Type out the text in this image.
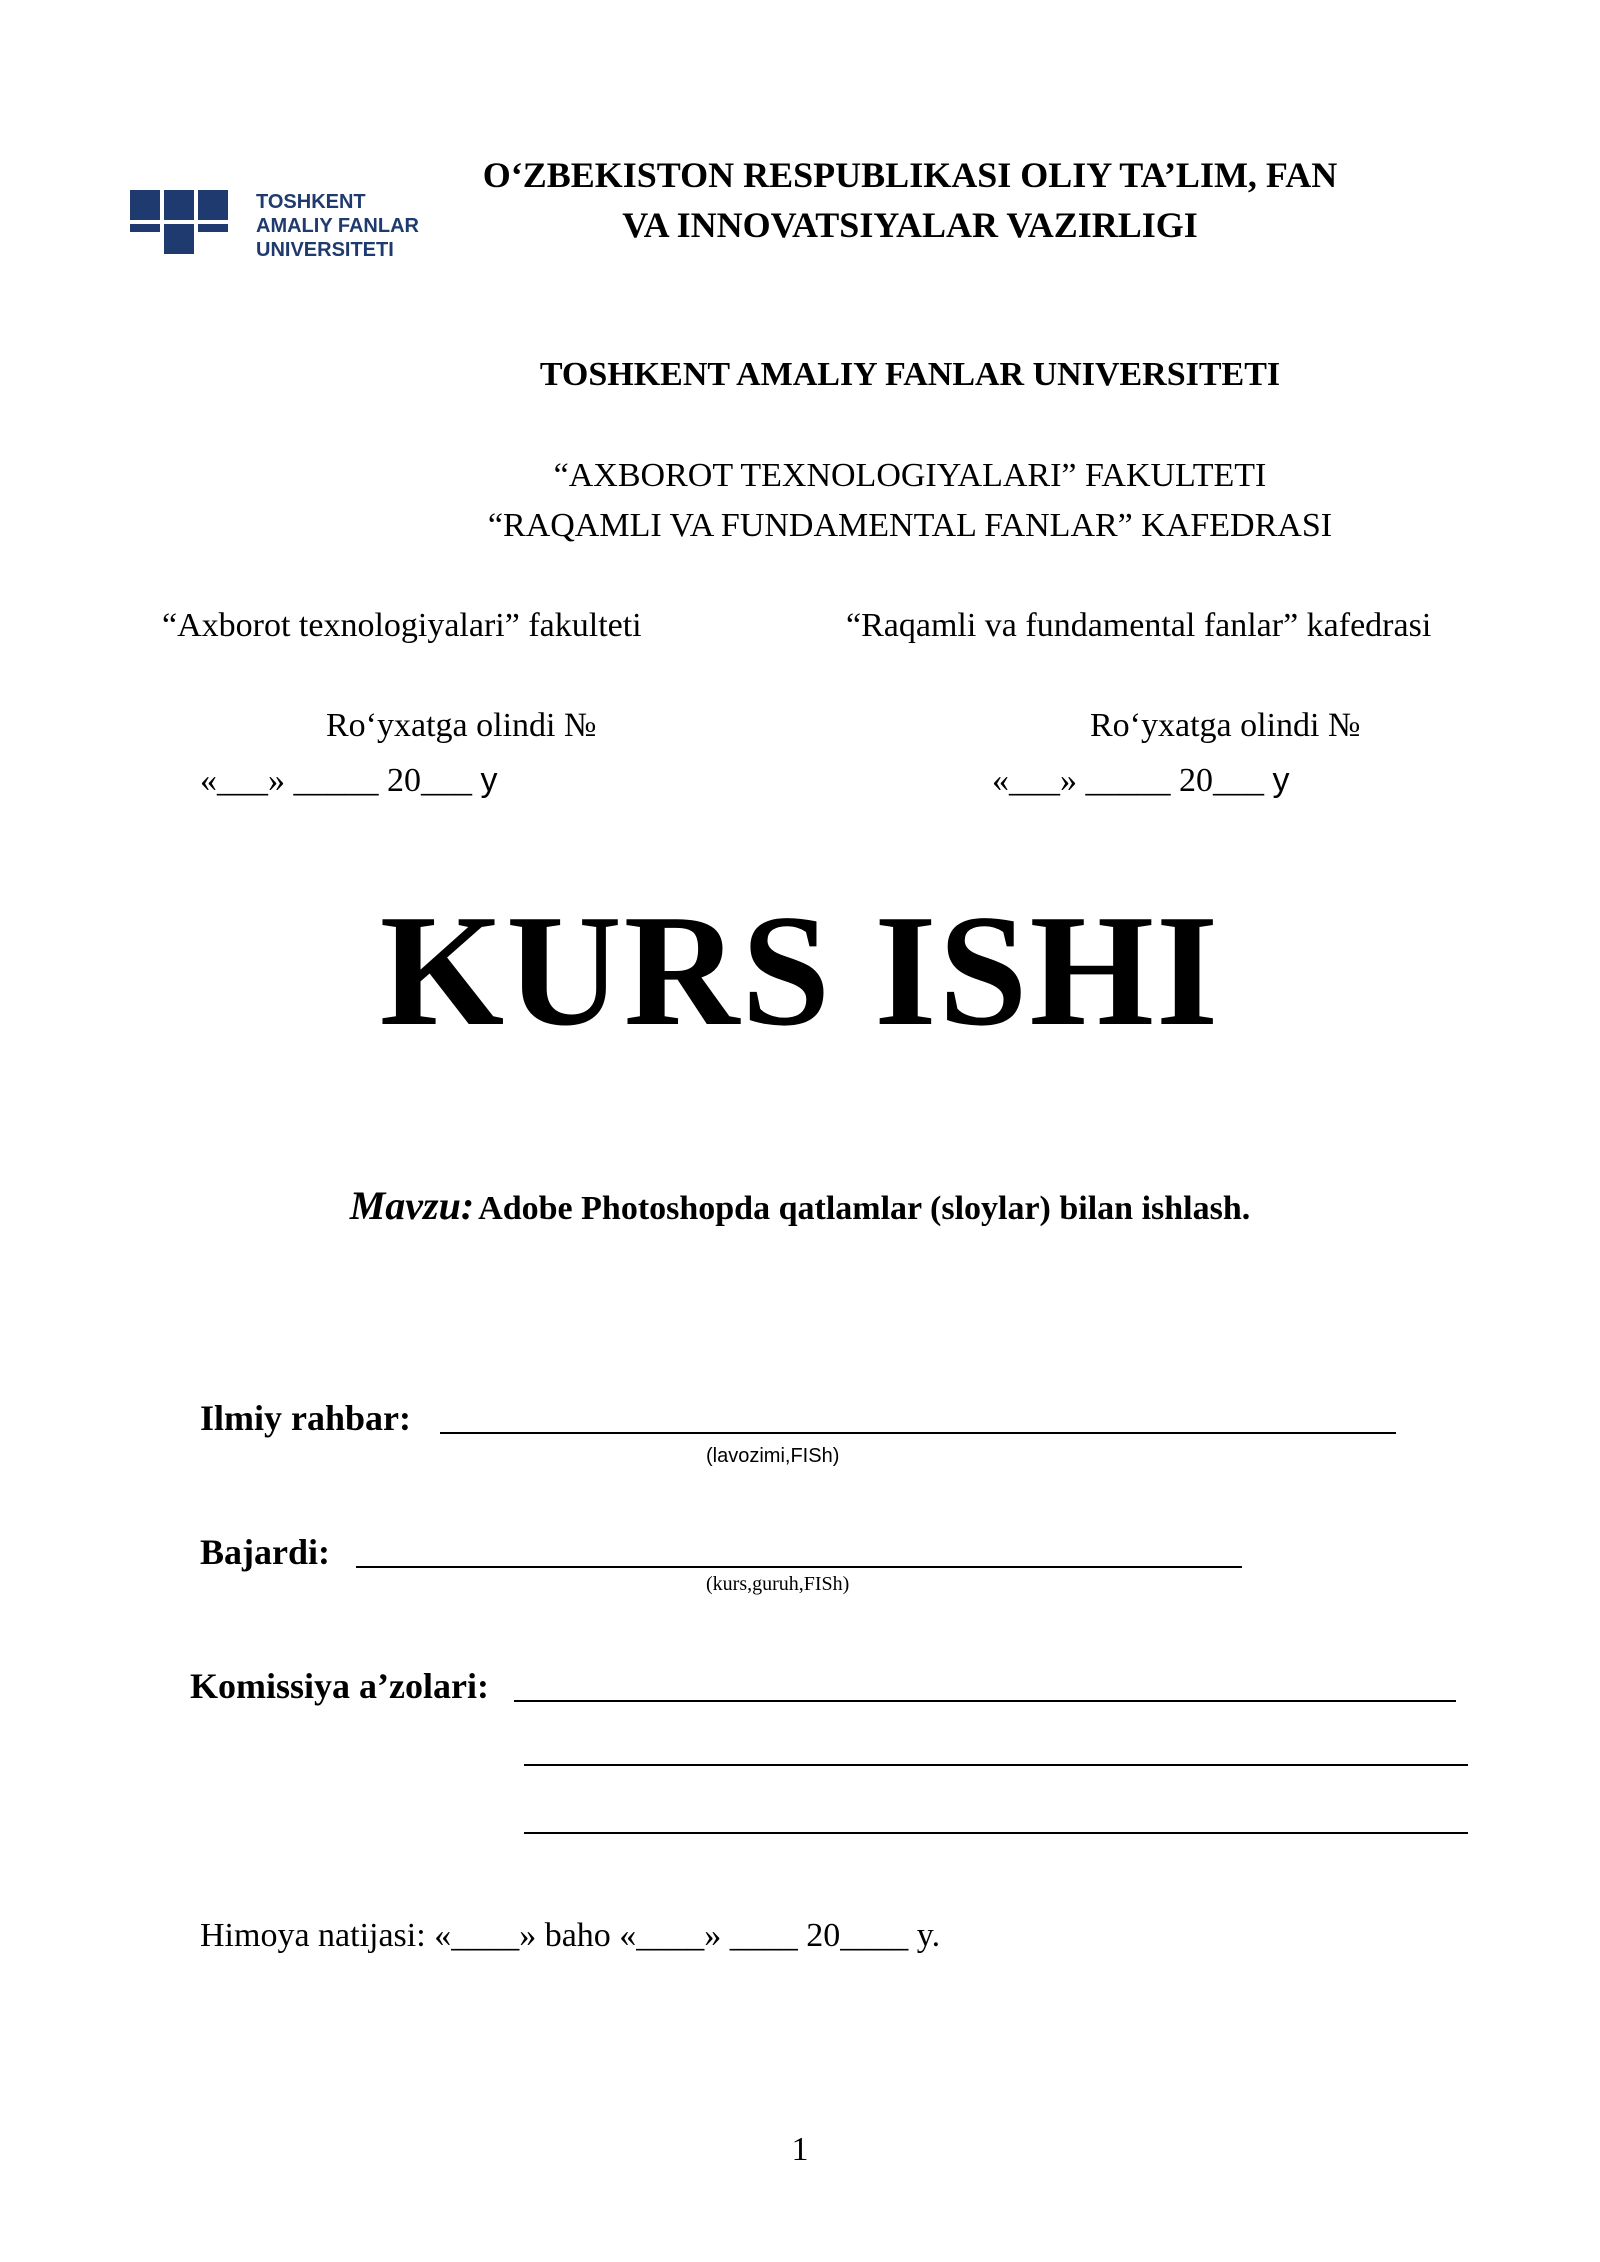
TOSHKENT
AMALIY FANLAR
UNIVERSITETI
O‘ZBEKISTON RESPUBLIKASI OLIY TA’LIM, FAN
VA INNOVATSIYALAR VAZIRLIGI
TOSHKENT AMALIY FANLAR UNIVERSITETI
“AXBOROT TEXNOLOGIYALARI” FAKULTETI
“RAQAMLI VA FUNDAMENTAL FANLAR” KAFEDRASI
“Axborot texnologiyalari” fakulteti	“Raqamli va fundamental fanlar” kafedrasi
Ro‘yxatga olindi №	Ro‘yxatga olindi №
«___» _____ 20___ y	«___» _____ 20___ y
KURS ISHI
Mavzu: Adobe Photoshopda qatlamlar (sloylar) bilan ishlash.
Ilmiy rahbar:
(lavozimi,FISh)
Bajardi:
(kurs,guruh,FISh)
Komissiya a’zolari:
Himoya natijasi: «____» baho «____» ____ 20____ y.
1
